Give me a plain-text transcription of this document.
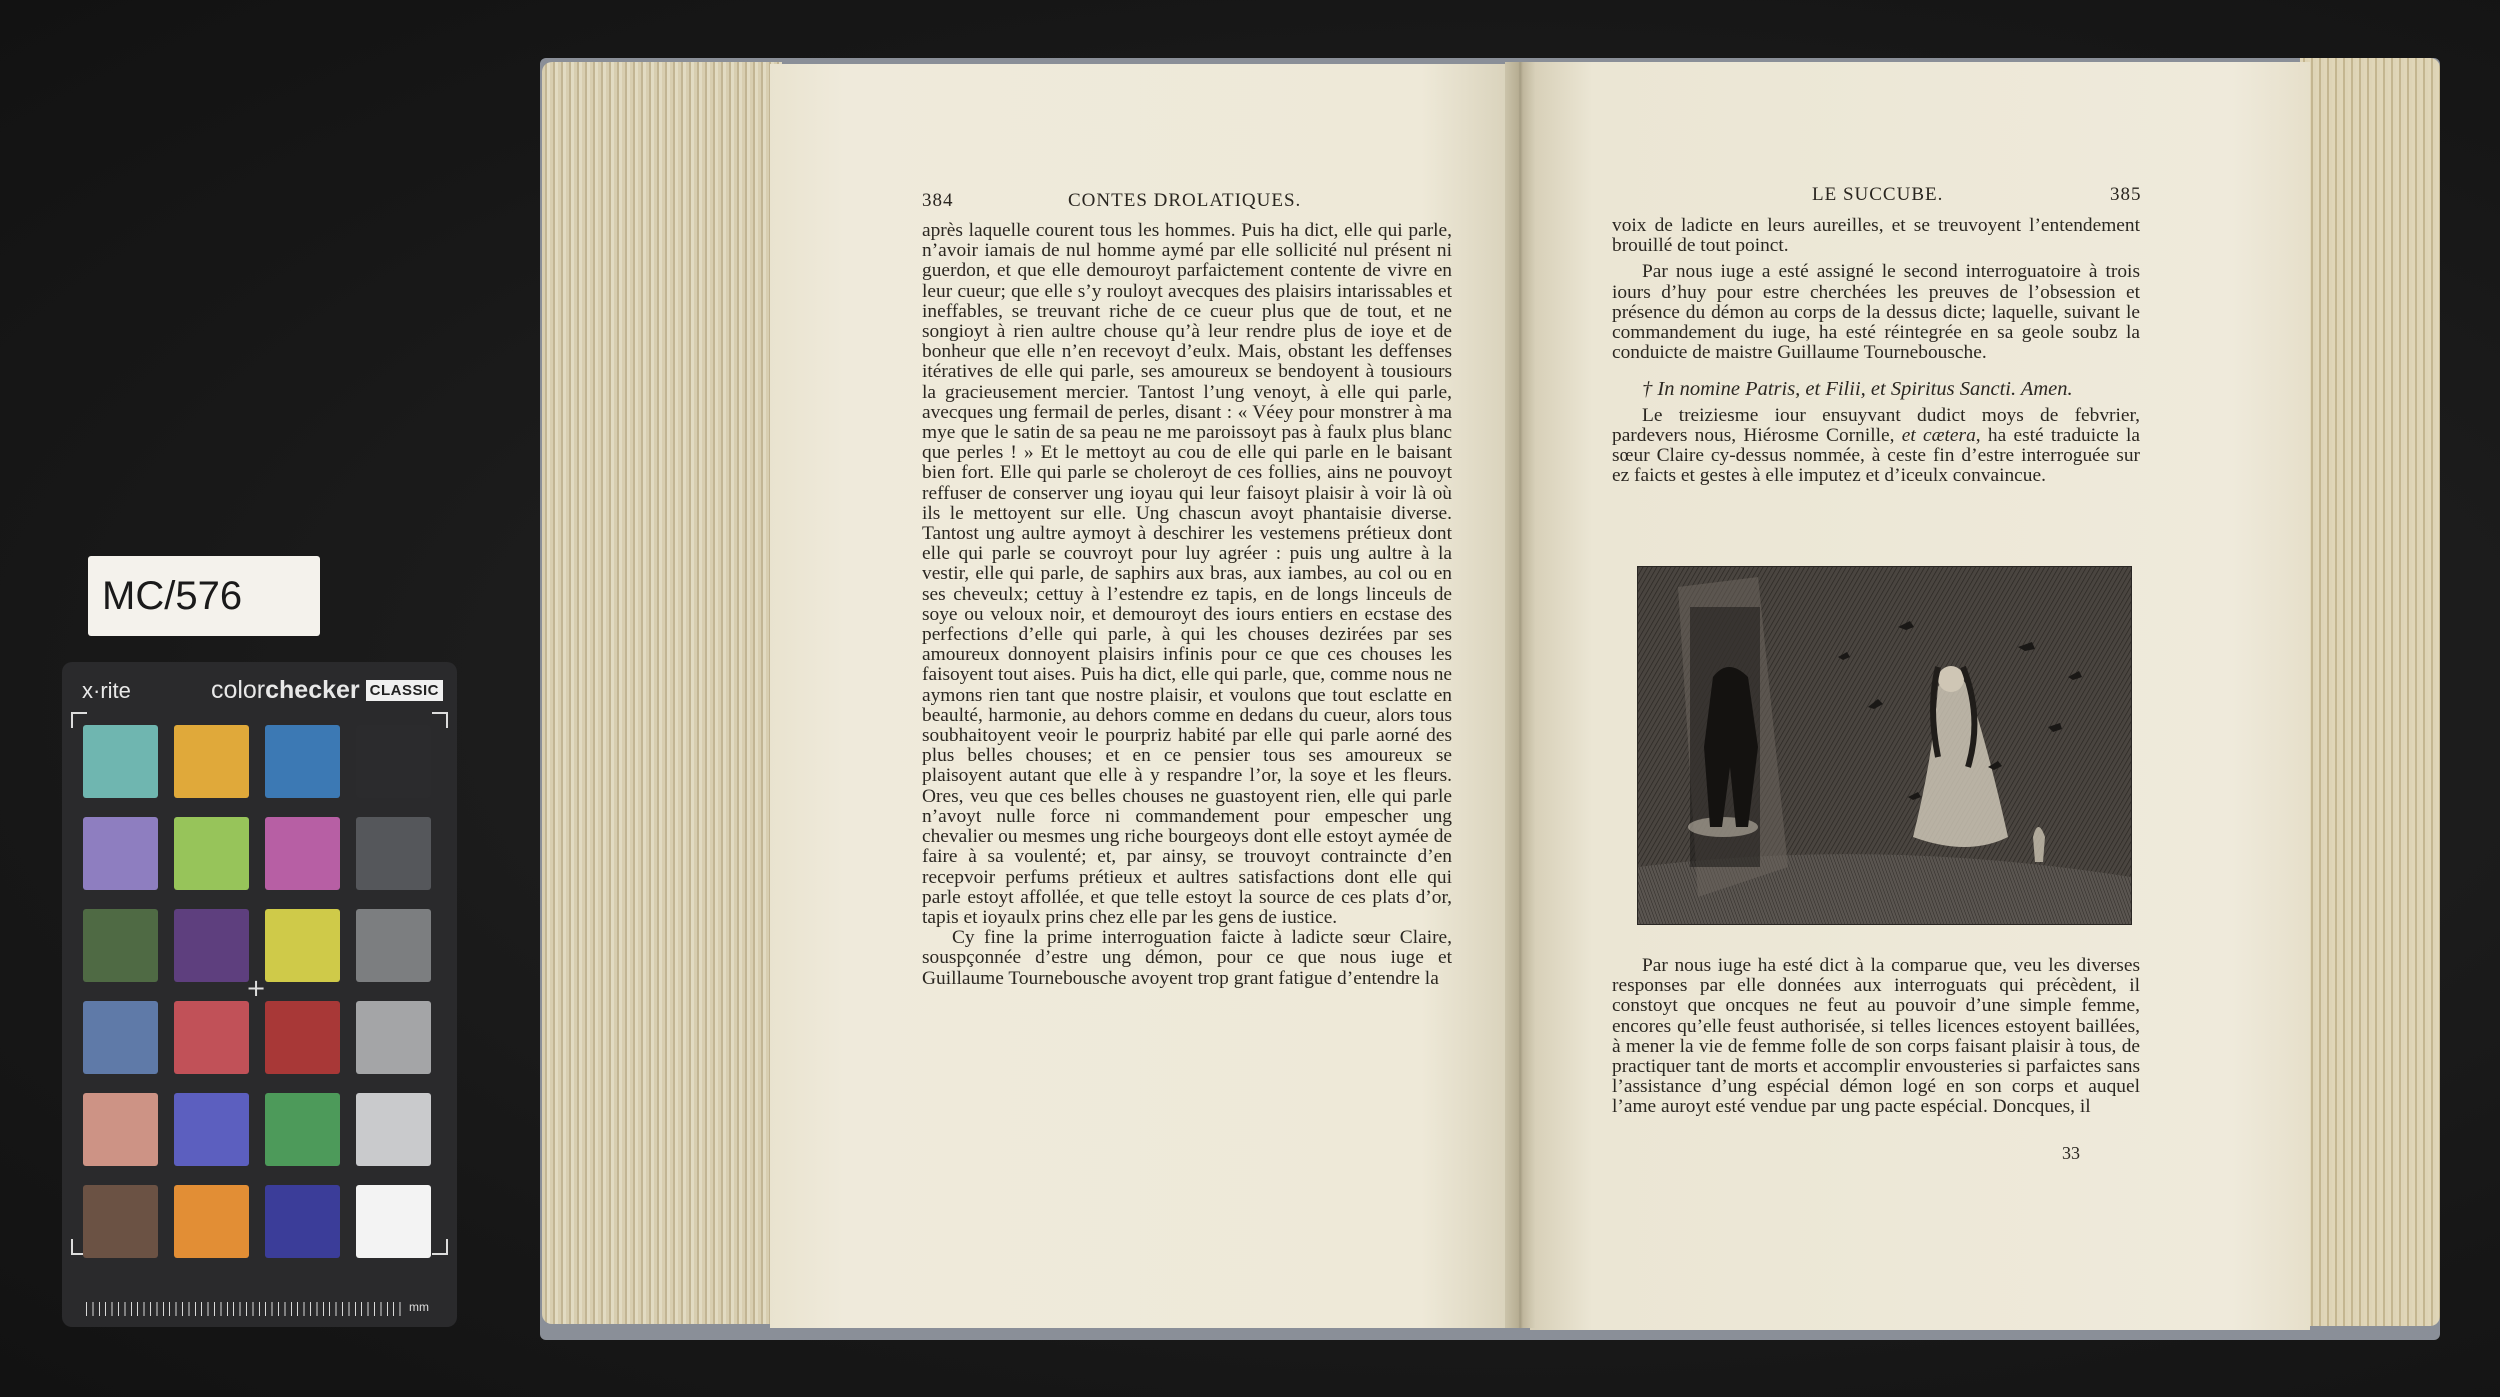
MC/576
x·rite	colorchecker CLASSIC
+
mm
384	CONTES DROLATIQUES.

après laquelle courent tous les hommes. Puis ha dict, elle qui parle, n’avoir iamais de nul homme aymé par elle sollicité nul présent ni guerdon, et que elle demouroyt parfaictement contente de vivre en leur cueur; que elle s’y rouloyt avecques des plaisirs intarissables et ineffables, se treuvant riche de ce cueur plus que de tout, et ne songioyt à rien aultre chouse qu’à leur rendre plus de ioye et de bonheur que elle n’en recevoyt d’eulx. Mais, obstant les deffenses itératives de elle qui parle, ses amoureux se bendoyent à tousiours la gracieusement mercier. Tantost l’ung venoyt, à elle qui parle, avecques ung fermail de perles, disant : « Véey pour monstrer à ma mye que le satin de sa peau ne me paroissoyt pas à faulx plus blanc que perles ! » Et le mettoyt au cou de elle qui parle en le baisant bien fort. Elle qui parle se choleroyt de ces follies, ains ne pouvoyt reffuser de conserver ung ioyau qui leur faisoyt plaisir à voir là où ils le mettoyent sur elle. Ung chascun avoyt phantaisie diverse. Tantost ung aultre aymoyt à deschirer les vestemens prétieux dont elle qui parle se couvroyt pour luy agréer : puis ung aultre à la vestir, elle qui parle, de saphirs aux bras, aux iambes, au col ou en ses cheveulx; cettuy à l’estendre ez tapis, en de longs linceuls de soye ou veloux noir, et demouroyt des iours entiers en ecstase des perfections d’elle qui parle, à qui les chouses dezirées par ses amoureux donnoyent plaisirs infinis pour ce que ces chouses les faisoyent tout aises. Puis ha dict, elle qui parle, que, comme nous ne aymons rien tant que nostre plaisir, et voulons que tout esclatte en beaulté, harmonie, au dehors comme en dedans du cueur, alors tous soubhaitoyent veoir le pourpriz habité par elle qui parle aorné des plus belles chouses; et en ce pensier tous ses amoureux se plaisoyent autant que elle à y respandre l’or, la soye et les fleurs. Ores, veu que ces belles chouses ne guastoyent rien, elle qui parle n’avoyt nulle force ni commandement pour empescher ung chevalier ou mesmes ung riche bourgeoys dont elle estoyt aymée de faire à sa voulenté; et, par ainsy, se trouvoyt contraincte d’en recepvoir perfums prétieux et aultres satisfactions dont elle qui parle estoyt affollée, et que telle estoyt la source de ces plats d’or, tapis et ioyaulx prins chez elle par les gens de iustice.

Cy fine la prime interroguation faicte à ladicte sœur Claire, souspçonnée d’estre ung démon, pour ce que nous iuge et Guillaume Tournebousche avoyent trop grant fatigue d’entendre la

LE SUCCUBE.	385

voix de ladicte en leurs aureilles, et se treuvoyent l’entendement brouillé de tout poinct.

Par nous iuge a esté assigné le second interroguatoire à trois iours d’huy pour estre cherchées les preuves de l’obsession et présence du démon au corps de la dessus dicte; laquelle, suivant le commandement du iuge, ha esté réintegrée en sa geole soubz la conduicte de maistre Guillaume Tournebousche.

† In nomine Patris, et Filii, et Spiritus Sancti. Amen.

Le treiziesme iour ensuyvant dudict moys de febvrier, pardevers nous, Hiérosme Cornille, et cætera, ha esté traduicte la sœur Claire cy-dessus nommée, à ceste fin d’estre interroguée sur ez faicts et gestes à elle imputez et d’iceulx convaincue.

Par nous iuge ha esté dict à la comparue que, veu les diverses responses par elle données aux interroguats qui précèdent, il constoyt que oncques ne feut au pouvoir d’une simple femme, encores qu’elle feust authorisée, si telles licences estoyent baillées, à mener la vie de femme folle de son corps faisant plaisir à tous, de practiquer tant de morts et accomplir envousteries si parfaictes sans l’assistance d’ung espécial démon logé en son corps et auquel l’ame auroyt esté vendue par ung pacte espécial. Doncques, il

33
